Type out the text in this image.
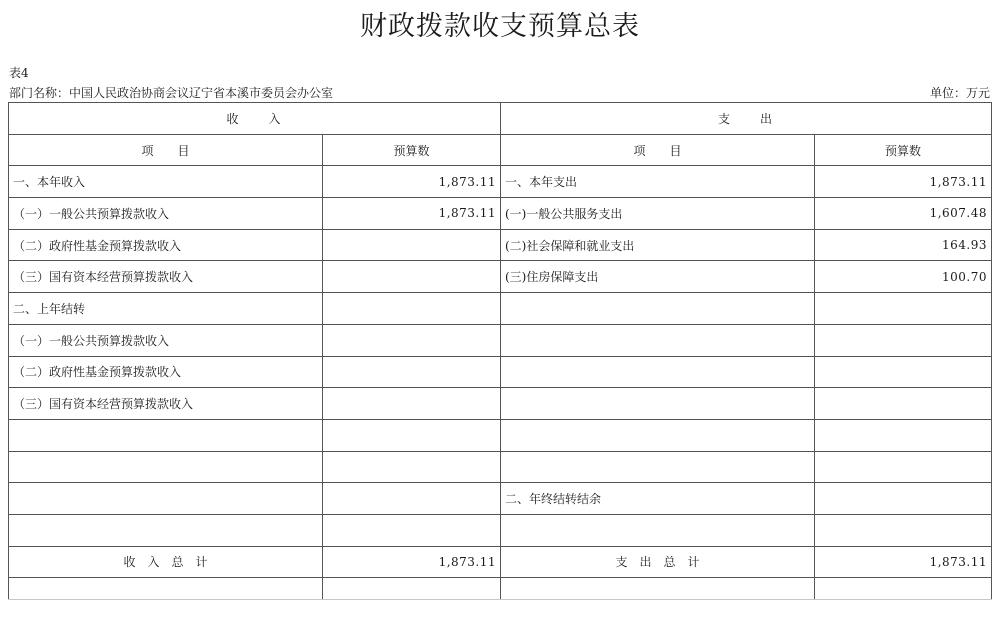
财政拨款收支预算总表
表4
部门名称：中国人民政治协商会议辽宁省本溪市委员会办公室	单位：万元
收　　入		支　　出	
项　　目	预算数	项　　目	预算数
一、本年收入	1,873.11	一、本年支出	1,873.11
（一）一般公共预算拨款收入	1,873.11	(一)一般公共服务支出	1,607.48
（二）政府性基金预算拨款收入		(二)社会保障和就业支出	164.93
（三）国有资本经营预算拨款收入		(三)住房保障支出	100.70
二、上年结转			
（一）一般公共预算拨款收入			
（二）政府性基金预算拨款收入			
（三）国有资本经营预算拨款收入			

		二、年终结转结余	

收　入　总　计	1,873.11	支　出　总　计	1,873.11
